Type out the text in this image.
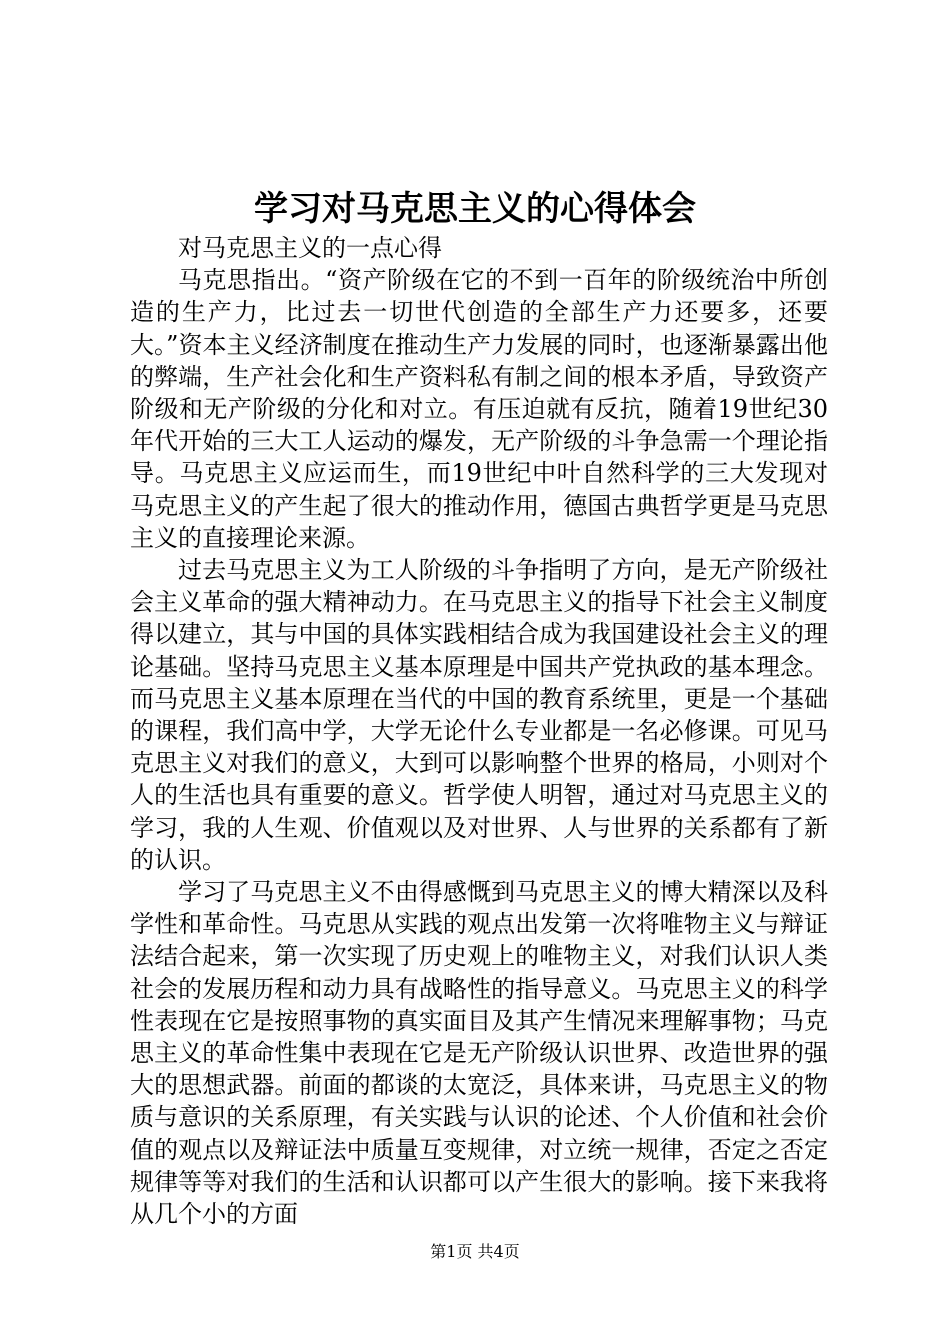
学习对马克思主义的心得体会

对马克思主义的一点心得

马克思指出。“资产阶级在它的不到一百年的阶级统治中所创造的生产力，比过去一切世代创造的全部生产力还要多，还要大。”资本主义经济制度在推动生产力发展的同时，也逐渐暴露出他的弊端，生产社会化和生产资料私有制之间的根本矛盾，导致资产阶级和无产阶级的分化和对立。有压迫就有反抗，随着19世纪30年代开始的三大工人运动的爆发，无产阶级的斗争急需一个理论指导。马克思主义应运而生，而19世纪中叶自然科学的三大发现对马克思主义的产生起了很大的推动作用，德国古典哲学更是马克思主义的直接理论来源。

过去马克思主义为工人阶级的斗争指明了方向，是无产阶级社会主义革命的强大精神动力。在马克思主义的指导下社会主义制度得以建立，其与中国的具体实践相结合成为我国建设社会主义的理论基础。坚持马克思主义基本原理是中国共产党执政的基本理念。而马克思主义基本原理在当代的中国的教育系统里，更是一个基础的课程，我们高中学，大学无论什么专业都是一名必修课。可见马克思主义对我们的意义，大到可以影响整个世界的格局，小则对个人的生活也具有重要的意义。哲学使人明智，通过对马克思主义的学习，我的人生观、价值观以及对世界、人与世界的关系都有了新的认识。

学习了马克思主义不由得感慨到马克思主义的博大精深以及科学性和革命性。马克思从实践的观点出发第一次将唯物主义与辩证法结合起来，第一次实现了历史观上的唯物主义，对我们认识人类社会的发展历程和动力具有战略性的指导意义。马克思主义的科学性表现在它是按照事物的真实面目及其产生情况来理解事物；马克思主义的革命性集中表现在它是无产阶级认识世界、改造世界的强大的思想武器。前面的都谈的太宽泛，具体来讲，马克思主义的物质与意识的关系原理，有关实践与认识的论述、个人价值和社会价值的观点以及辩证法中质量互变规律，对立统一规律，否定之否定规律等等对我们的生活和认识都可以产生很大的影响。接下来我将从几个小的方面

第1页 共4页
